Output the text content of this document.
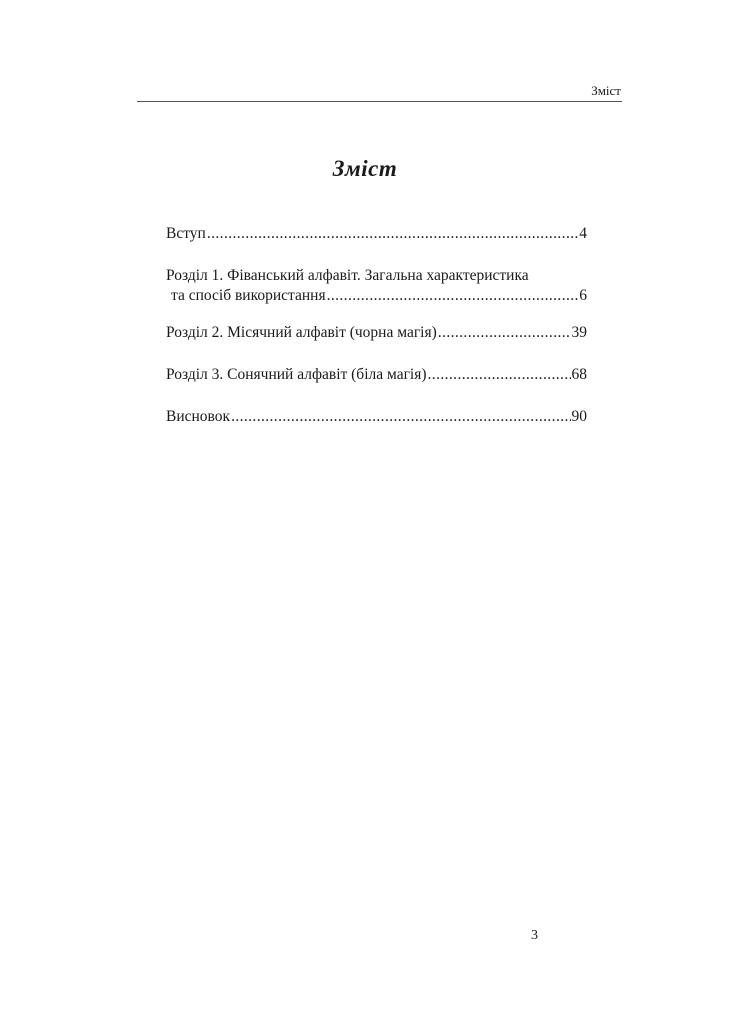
Зміст
Зміст
Вступ .....	4
Розділ 1. Фіванський алфавіт. Загальна характеристика
та спосіб використання .....	6
Розділ 2. Місячний алфавіт (чорна магія) .....	39
Розділ 3. Сонячний алфавіт (біла магія) .....	68
Висновок .....	90
3
